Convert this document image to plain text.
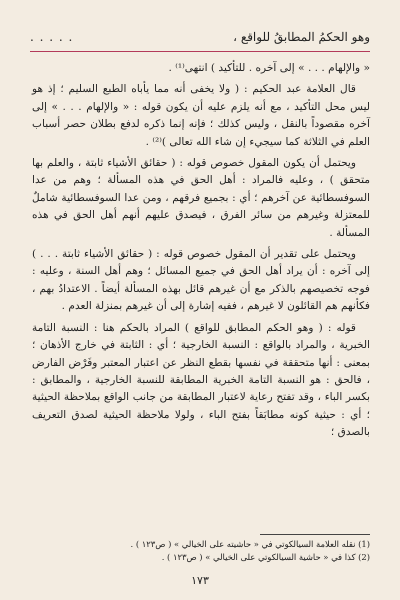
وهو الحكمُ المطابقُ للواقع ،
. . . . .

« والإلهام . . . » إلى آخره . للتأكيد ) انتهى⁽¹⁾ .

قال العلامة عبد الحكيم : ( ولا يخفى أنه مما يأباه الطبع السليم ؛ إذ هو ليس محل التأكيد ، مع أنه يلزم عليه أن يكون قوله : « والإلهام . . . » إلى آخره مقصوداً بالنقل ، وليس كذلك ؛ فإنه إنما ذكره لدفع بطلان حصر أسباب العلم في الثلاثة كما سيجيء إن شاء الله تعالى )⁽²⁾ .

ويحتمل أن يكون المقول خصوص قوله : ( حقائق الأشياء ثابتة ، والعلم بها متحقق ) ، وعليه فالمراد : أهل الحق في هذه المسألة ؛ وهم من عدا السوفسطائية عن آخرهم ؛ أي : بجميع فرقهم ، ومن عدا السوفسطائية شاملٌ للمعتزلة وغيرهم من سائر الفرق ، فيصدق عليهم أنهم أهل الحق في هذه المسألة .

ويحتمل على تقدير أن المقول خصوص قوله : ( حقائق الأشياء ثابتة . . . ) إلى آخره : أن يراد أهل الحق في جميع المسائل ؛ وهم أهل السنة ، وعليه : فوجه تخصيصهم بالذكر مع أن غيرهم قائل بهذه المسألة أيضاً . الاعتدادُ بهم ، فكأنهم هم القائلون لا غيرهم ، ففيه إشارة إلى أن غيرهم بمنزلة العدم .

قوله : ( وهو الحكم المطابق للواقع ) المراد بالحكم هنا : النسبة التامة الخبرية ، والمراد بالواقع : النسبة الخارجية ؛ أي : الثابتة في خارج الأذهان ؛ بمعنى : أنها متحققة في نفسها بقطع النظر عن اعتبار المعتبر وفَرْض الفارض ، فالحق : هو النسبة التامة الخبرية المطابقة للنسبة الخارجية ، والمطابق : بكسر الباء ، وقد تفتح رعاية لاعتبار المطابقة من جانب الواقع بملاحظة الحيثية ؛ أي : حيثية كونه مطابَقاً بفتح الباء ، ولولا ملاحظة الحيثية لصدق التعريف بالصدق ؛

(1) نقله العلامة السيالكوتي في « حاشيته على الخيالي » ( ص١٢٣ ) .
(2) كذا في « حاشية السيالكوتي على الخيالي » ( ص١٢٣ ) .
١٧٣
